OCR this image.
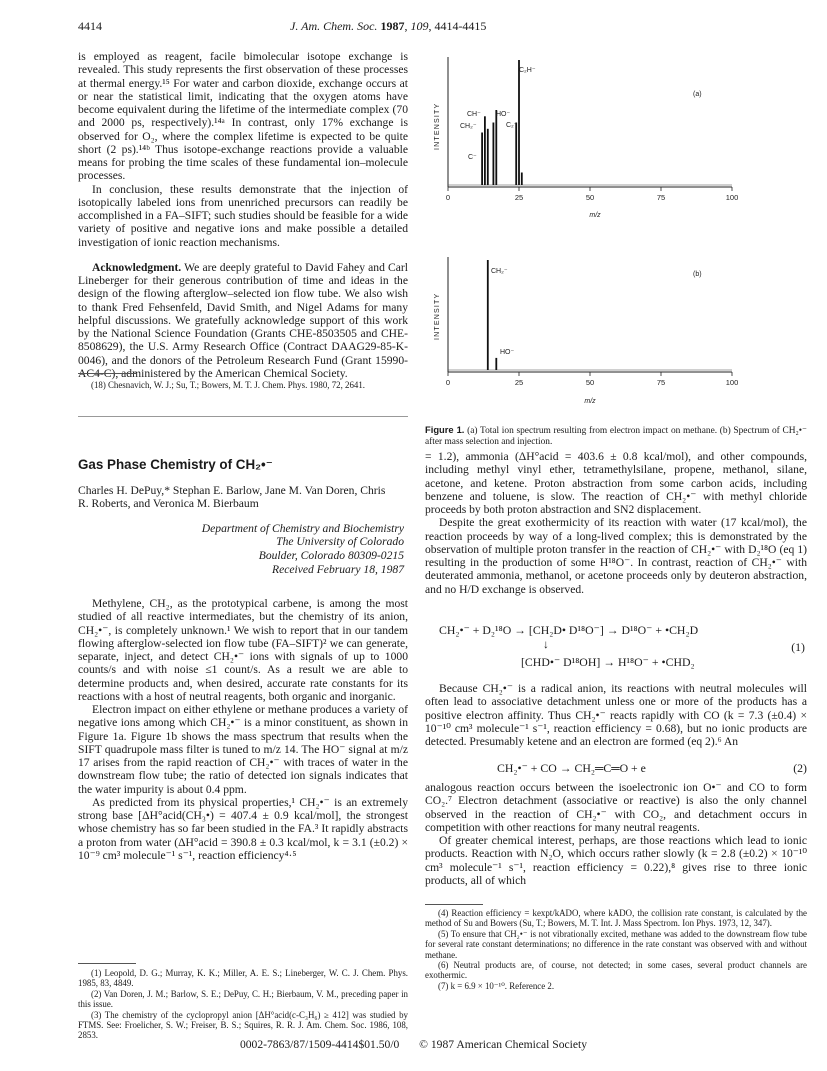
4414	J. Am. Chem. Soc. 1987, 109, 4414-4415

is employed as reagent, facile bimolecular isotope exchange is revealed. This study represents the first observation of these processes at thermal energy.¹⁵ For water and carbon dioxide, exchange occurs at or near the statistical limit, indicating that the oxygen atoms have become equivalent during the lifetime of the intermediate complex (70 and 2000 ps, respectively).¹⁴ᵃ In contrast, only 17% exchange is observed for O₂, where the complex lifetime is expected to be quite short (2 ps).¹⁴ᵇ Thus isotope-exchange reactions provide a valuable means for probing the time scales of these fundamental ion–molecule processes.

In conclusion, these results demonstrate that the injection of isotopically labeled ions from unenriched precursors can readily be accomplished in a FA–SIFT; such studies should be feasible for a wide variety of positive and negative ions and make possible a detailed investigation of ionic reaction mechanisms.

Acknowledgment. We are deeply grateful to David Fahey and Carl Lineberger for their generous contribution of time and ideas in the design of the flowing afterglow–selected ion flow tube. We also wish to thank Fred Fehsenfeld, David Smith, and Nigel Adams for many helpful discussions. We gratefully acknowledge support of this work by the National Science Foundation (Grants CHE-8503505 and CHE-8508629), the U.S. Army Research Office (Contract DAAG29-85-K-0046), and the donors of the Petroleum Research Fund (Grant 15990-AC4-C), administered by the American Chemical Society.

(18) Chesnavich, W. J.; Su, T.; Bowers, M. T. J. Chem. Phys. 1980, 72, 2641.
Gas Phase Chemistry of CH₂•⁻
Charles H. DePuy,* Stephan E. Barlow, Jane M. Van Doren, Chris R. Roberts, and Veronica M. Bierbaum
Department of Chemistry and Biochemistry
The University of Colorado
Boulder, Colorado 80309-0215
Received February 18, 1987

Methylene, CH₂, as the prototypical carbene, is among the most studied of all reactive intermediates, but the chemistry of its anion, CH₂•⁻, is completely unknown.¹ We wish to report that in our tandem flowing afterglow-selected ion flow tube (FA–SIFT)² we can generate, separate, inject, and detect CH₂•⁻ ions with signals of up to 1000 counts/s and with noise ≤1 count/s. As a result we are able to determine products and, when desired, accurate rate constants for its reactions with a host of neutral reagents, both organic and inorganic.

Electron impact on either ethylene or methane produces a variety of negative ions among which CH₂•⁻ is a minor constituent, as shown in Figure 1a. Figure 1b shows the mass spectrum that results when the SIFT quadrupole mass filter is tuned to m/z 14. The HO⁻ signal at m/z 17 arises from the rapid reaction of CH₂•⁻ with traces of water in the downstream flow tube; the ratio of detected ion signals indicates that the water impurity is about 0.4 ppm.

As predicted from its physical properties,¹ CH₂•⁻ is an extremely strong base [ΔH°acid(CH₃•) = 407.4 ± 0.9 kcal/mol], the strongest whose chemistry has so far been studied in the FA.³ It rapidly abstracts a proton from water (ΔH°acid = 390.8 ± 0.3 kcal/mol, k = 3.1 (±0.2) × 10⁻⁹ cm³ molecule⁻¹ s⁻¹, reaction efficiency⁴·⁵

(1) Leopold, D. G.; Murray, K. K.; Miller, A. E. S.; Lineberger, W. C. J. Chem. Phys. 1985, 83, 4849.
(2) Van Doren, J. M.; Barlow, S. E.; DePuy, C. H.; Bierbaum, V. M., preceding paper in this issue.
(3) The chemistry of the cyclopropyl anion [ΔH°acid(c-C₃H₆) ≥ 412] was studied by FTMS. See: Froelicher, S. W.; Freiser, B. S.; Squires, R. R. J. Am. Chem. Soc. 1986, 108, 2853.
0	25	50	75	100
INTENSITY
m/z
(a)
C₂H⁻
CH⁻
CH₂⁻
HO⁻
C₂⁻
C⁻
0	25	50	75	100
INTENSITY
m/z
(b)
CH₂⁻
HO⁻
Figure 1. (a) Total ion spectrum resulting from electron impact on methane. (b) Spectrum of CH₂•⁻ after mass selection and injection.

= 1.2), ammonia (ΔH°acid = 403.6 ± 0.8 kcal/mol), and other compounds, including methyl vinyl ether, tetramethylsilane, propene, methanol, silane, acetone, and ketene. Proton abstraction from some carbon acids, including benzene and toluene, is slow. The reaction of CH₂•⁻ with methyl chloride proceeds by both proton abstraction and SN2 displacement.

Despite the great exothermicity of its reaction with water (17 kcal/mol), the reaction proceeds by way of a long-lived complex; this is demonstrated by the observation of multiple proton transfer in the reaction of CH₂•⁻ with D₂¹⁸O (eq 1) resulting in the production of some H¹⁸O⁻. In contrast, reaction of CH₂•⁻ with deuterated ammonia, methanol, or acetone proceeds only by deuteron abstraction, and no H/D exchange is observed.

CH₂•⁻ + D₂¹⁸O → [CH₂D• D¹⁸O⁻] → D¹⁸O⁻ + •CH₂D
↓	(1)
[CHD•⁻ D¹⁸OH] → H¹⁸O⁻ + •CHD₂

Because CH₂•⁻ is a radical anion, its reactions with neutral molecules will often lead to associative detachment unless one or more of the products has a positive electron affinity. Thus CH₂•⁻ reacts rapidly with CO (k = 7.3 (±0.4) × 10⁻¹⁰ cm³ molecule⁻¹ s⁻¹, reaction efficiency = 0.68), but no ionic products are detected. Presumably ketene and an electron are formed (eq 2).⁶ An

CH₂•⁻ + CO → CH₂═C═O + e	(2)

analogous reaction occurs between the isoelectronic ion O•⁻ and CO to form CO₂.⁷ Electron detachment (associative or reactive) is also the only channel observed in the reaction of CH₂•⁻ with CO₂, and detachment occurs in competition with other reactions for many neutral reagents.

Of greater chemical interest, perhaps, are those reactions which lead to ionic products. Reaction with N₂O, which occurs rather slowly (k = 2.8 (±0.2) × 10⁻¹⁰ cm³ molecule⁻¹ s⁻¹, reaction efficiency = 0.22),⁸ gives rise to three ionic products, all of which

(4) Reaction efficiency = kexpt/kADO, where kADO, the collision rate constant, is calculated by the method of Su and Bowers (Su, T.; Bowers, M. T. Int. J. Mass Spectrom. Ion Phys. 1973, 12, 347).
(5) To ensure that CH₂•⁻ is not vibrationally excited, methane was added to the downstream flow tube for several rate constant determinations; no difference in the rate constant was observed with and without methane.
(6) Neutral products are, of course, not detected; in some cases, several product channels are exothermic.
(7) k = 6.9 × 10⁻¹⁰. Reference 2.
0002-7863/87/1509-4414$01.50/0 © 1987 American Chemical Society
